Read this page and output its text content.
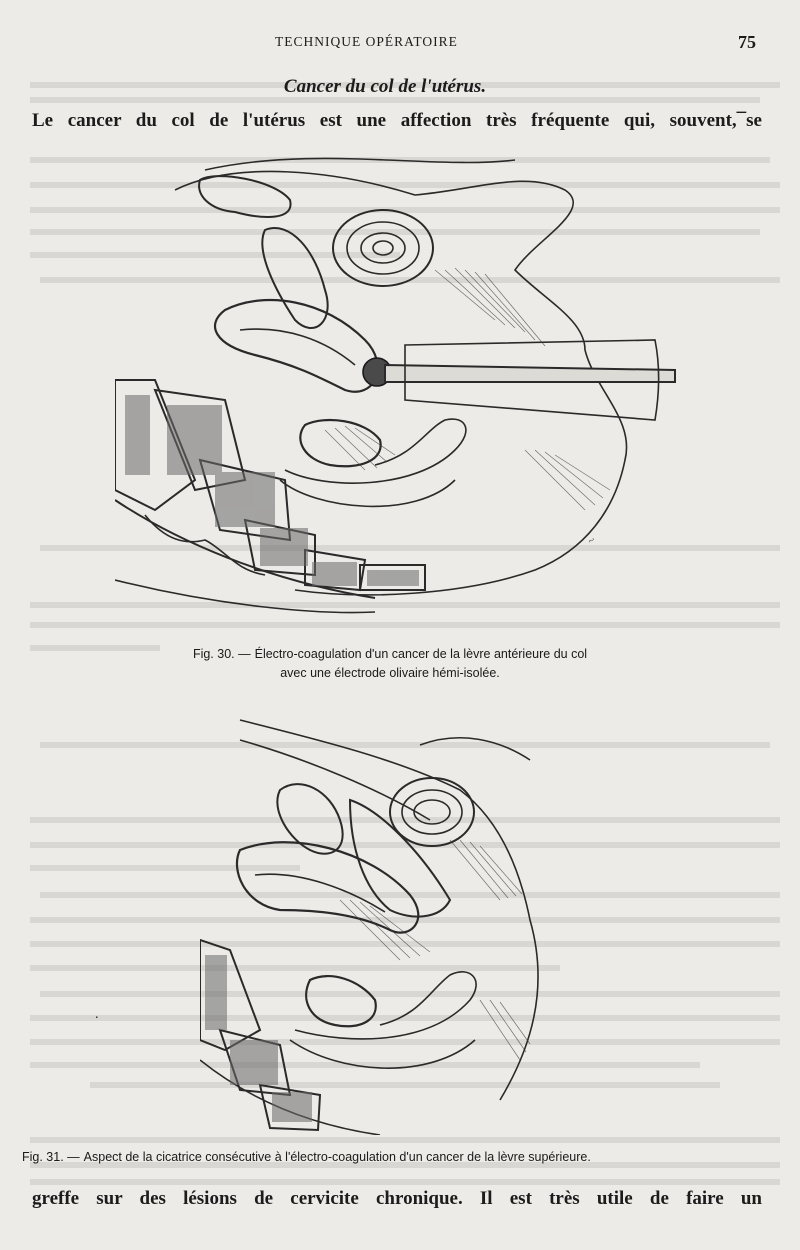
TECHNIQUE OPÉRATOIRE	75
Cancer du col de l'utérus.
Le cancer du col de l'utérus est une affection très fréquente qui, souvent,¯se
~
Fig. 30. — Électro-coagulation d'un cancer de la lèvre antérieure du col
avec une électrode olivaire hémi-isolée.
.
Fig. 31. — Aspect de la cicatrice consécutive à l'électro-coagulation d'un cancer de la lèvre supérieure.
greffe sur des lésions de cervicite chronique. Il est très utile de faire un
